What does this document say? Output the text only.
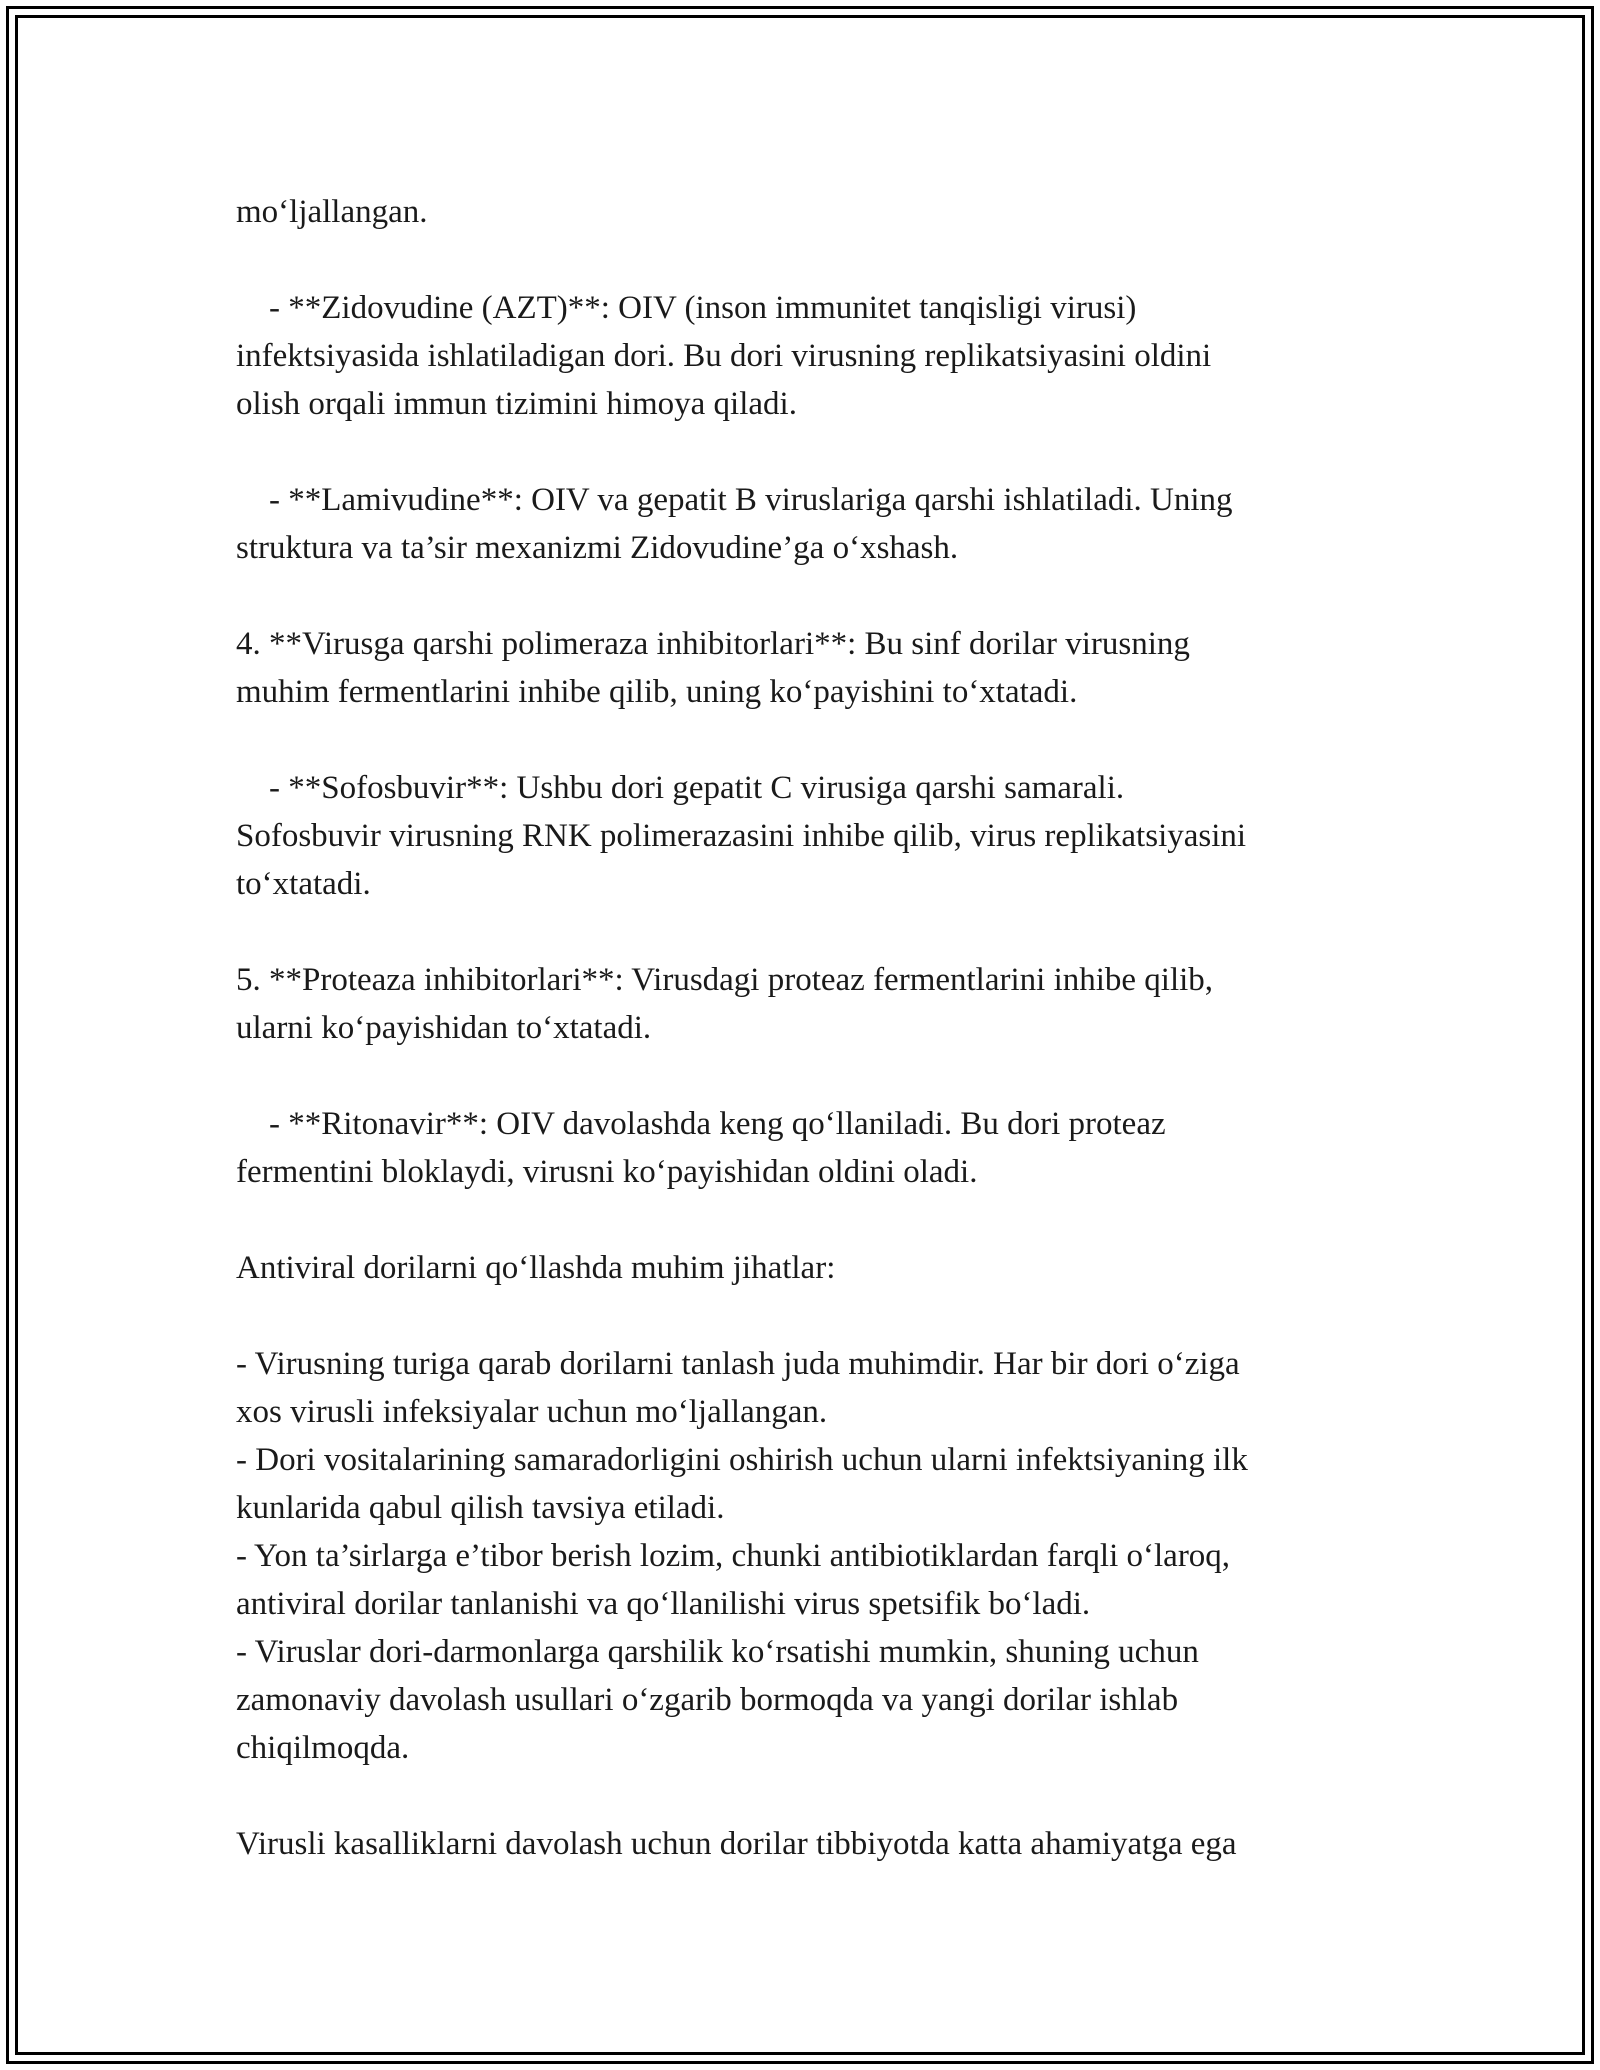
mo‘ljallangan.
- **Zidovudine (AZT)**: OIV (inson immunitet tanqisligi virusi)
infektsiyasida ishlatiladigan dori. Bu dori virusning replikatsiyasini oldini
olish orqali immun tizimini himoya qiladi.
- **Lamivudine**: OIV va gepatit B viruslariga qarshi ishlatiladi. Uning
struktura va ta’sir mexanizmi Zidovudine’ga o‘xshash.
4. **Virusga qarshi polimeraza inhibitorlari**: Bu sinf dorilar virusning
muhim fermentlarini inhibe qilib, uning ko‘payishini to‘xtatadi.
- **Sofosbuvir**: Ushbu dori gepatit C virusiga qarshi samarali.
Sofosbuvir virusning RNK polimerazasini inhibe qilib, virus replikatsiyasini
to‘xtatadi.
5. **Proteaza inhibitorlari**: Virusdagi proteaz fermentlarini inhibe qilib,
ularni ko‘payishidan to‘xtatadi.
- **Ritonavir**: OIV davolashda keng qo‘llaniladi. Bu dori proteaz
fermentini bloklaydi, virusni ko‘payishidan oldini oladi.
Antiviral dorilarni qo‘llashda muhim jihatlar:
- Virusning turiga qarab dorilarni tanlash juda muhimdir. Har bir dori o‘ziga
xos virusli infeksiyalar uchun mo‘ljallangan.
- Dori vositalarining samaradorligini oshirish uchun ularni infektsiyaning ilk
kunlarida qabul qilish tavsiya etiladi.
- Yon ta’sirlarga e’tibor berish lozim, chunki antibiotiklardan farqli o‘laroq,
antiviral dorilar tanlanishi va qo‘llanilishi virus spetsifik bo‘ladi.
- Viruslar dori-darmonlarga qarshilik ko‘rsatishi mumkin, shuning uchun
zamonaviy davolash usullari o‘zgarib bormoqda va yangi dorilar ishlab
chiqilmoqda.
Virusli kasalliklarni davolash uchun dorilar tibbiyotda katta ahamiyatga ega
